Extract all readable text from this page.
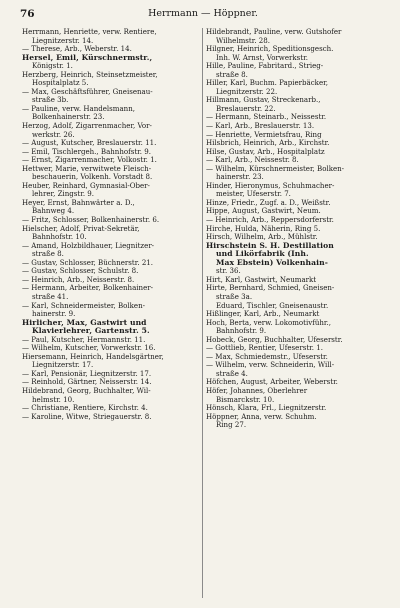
76	Herrmann — Höppner.
Herrmann, Henriette, verw. Rentiere,
Liegnitzerstr. 14.
— Therese, Arb., Weberstr. 14.
Hersel, Emil, Kürschnermstr.,
Königstr. 1.
Herzberg, Heinrich, Steinsetzmeister,
Hospitalplatz 5.
— Max, Geschäftsführer, Gneisenau-
straße 3b.
— Pauline, verw. Handelsmann,
Bolkenhainerstr. 23.
Herzog, Adolf, Zigarrenmacher, Vor-
werkstr. 26.
— August, Kutscher, Breslauerstr. 11.
— Emil, Tischlergeh., Bahnhofstr. 9.
— Ernst, Zigarrenmacher, Volkostr. 1.
Hettwer, Marie, verwitwete Fleisch-
beschauerin, Volkenh. Vorstadt 8.
Heuber, Reinhard, Gymnasial-Ober-
lehrer, Zingstr. 9.
Heyer, Ernst, Bahnwärter a. D.,
Bahnweg 4.
— Fritz, Schlosser, Bolkenhainerstr. 6.
Hielscher, Adolf, Privat-Sekretär,
Bahnhofstr. 10.
— Amand, Holzbildhauer, Liegnitzer-
straße 8.
— Gustav, Schlosser, Büchnerstr. 21.
— Gustav, Schlosser, Schulstr. 8.
— Heinrich, Arb., Neisserstr. 8.
— Hermann, Arbeiter, Bolkenhainer-
straße 41.
— Karl, Schneidermeister, Bolken-
hainerstr. 9.
Hirlicher, Max, Gastwirt und
Klavierlehrer, Gartenstr. 5.
— Paul, Kutscher, Hermannstr. 11.
— Wilhelm, Kutscher, Vorwerkstr. 16.
Hiersemann, Heinrich, Handelsgärtner,
Liegnitzerstr. 17.
— Karl, Pensionär, Liegnitzerstr. 17.
— Reinhold, Gärtner, Neisserstr. 14.
Hildebrand, Georg, Buchhalter, Wil-
helmstr. 10.
— Christiane, Rentiere, Kirchstr. 4.
— Karoline, Witwe, Striegauerstr. 8.
Hildebrandt, Pauline, verw. Gutshofer
Wilhelmstr. 28.
Hilgner, Heinrich, Speditionsgesch.
Inh. W. Arnst, Vorwerkstr.
Hille, Pauline, Fabritard., Strieg-
straße 8.
Hiller, Karl, Buchm. Papierbäcker,
Liegnitzerstr. 22.
Hillmann, Gustav, Streckenarb.,
Breslauerstr. 22.
— Hermann, Steinarb., Neissestr.
— Karl, Arb., Breslauerstr. 13.
— Henriette, Vermietsfrau, Ring
Hilsbrich, Heinrich, Arb., Kirchstr.
Hilse, Gustav, Arb., Hospitalplatz
— Karl, Arb., Neissestr. 8.
— Wilhelm, Kürschnermeister, Bolken-
hainerstr. 23.
Hinder, Hieronymus, Schuhmacher-
meister, Ufeserstr. 7.
Hinze, Friedr., Zugf. a. D., Weißstr.
Hippe, August, Gastwirt, Neum.
— Heinrich, Arb., Reppersdorferstr.
Hirche, Hulda, Näherin, Ring 5.
Hirsch, Wilhelm, Arb., Mühlstr.
Hirschstein S. H. Destillation
und Likörfabrik (Inh.
Max Ebstein) Volkenhain-
str. 36.
Hirt, Karl, Gastwirt, Neumarkt
Hirte, Bernhard, Schmied, Gneisen-
straße 3a.
Eduard, Tischler, Gneisenaustr.
Hißlinger, Karl, Arb., Neumarkt
Hoch, Berta, verw. Lokomotivführ.,
Bahnhofstr. 9.
Hobeck, Georg, Buchhalter, Ufeserstr.
— Gottlieb, Rentier, Ufeserstr. 1.
— Max, Schmiedemstr., Ufeserstr.
— Wilhelm, verw. Schneiderin, Will-
straße 4.
Höfchen, August, Arbeiter, Weberstr.
Höfer, Johannes, Oberlehrer
Bismarckstr. 10.
Hönsch, Klara, Frl., Liegnitzerstr.
Höppner, Anna, verw. Schuhm.
Ring 27.
